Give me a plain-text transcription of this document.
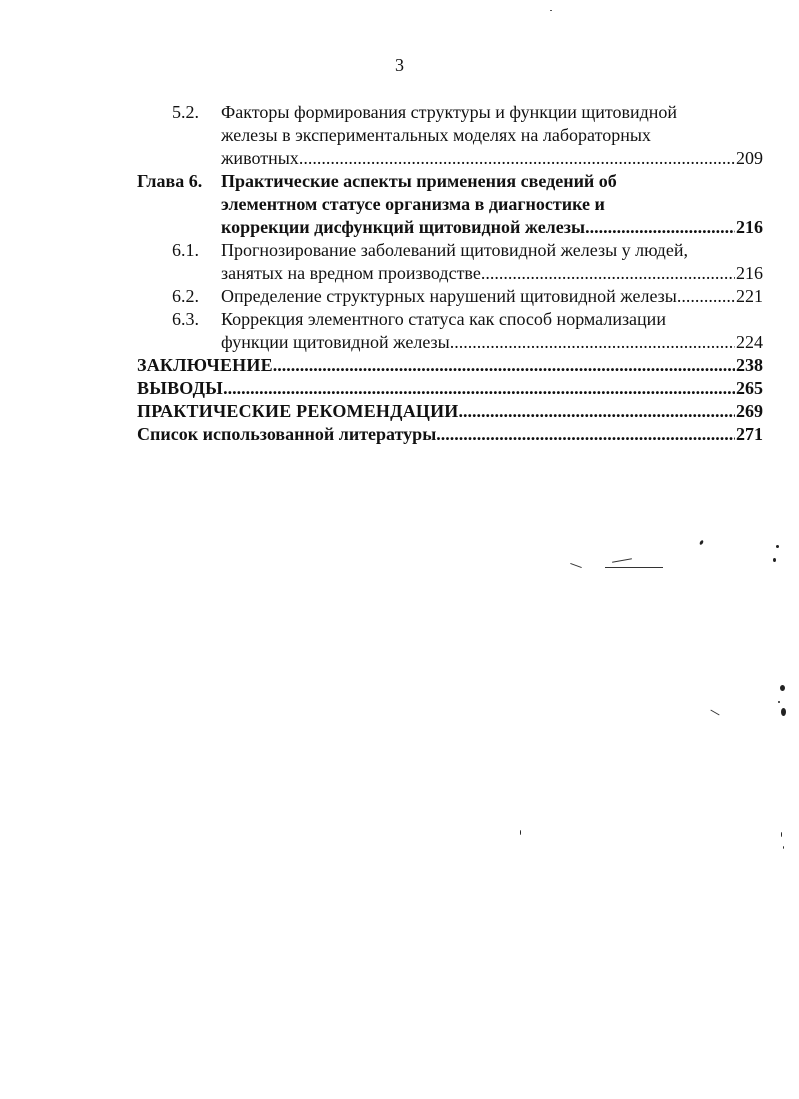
3
5.2.	Факторы формирования структуры и функции щитовидной
железы в экспериментальных моделях на лабораторных
животных .....	209
Глава 6.	Практические аспекты применения сведений об
элементном статусе организма в диагностике и
коррекции дисфункций щитовидной железы .....	216
6.1.	Прогнозирование заболеваний щитовидной железы у людей,
занятых на вредном производстве .....	216
6.2.	Определение структурных нарушений щитовидной железы .....	221
6.3.	Коррекция элементного статуса как способ нормализации
функции щитовидной железы .....	224
ЗАКЛЮЧЕНИЕ .....	238
ВЫВОДЫ .....	265
ПРАКТИЧЕСКИЕ РЕКОМЕНДАЦИИ .....	269
Список использованной литературы .....	271
